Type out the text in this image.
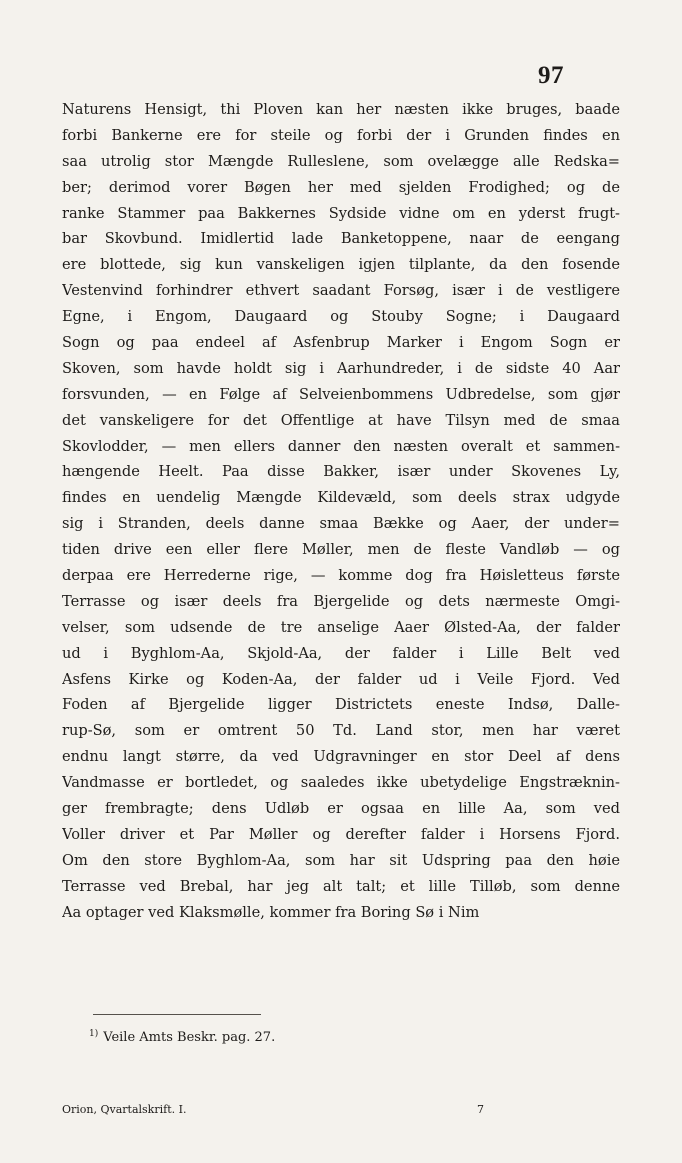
97
Naturens Hensigt, thi Ploven kan her næsten ikke bruges, baade
forbi Bankerne ere for steile og forbi der i Grunden findes en
saa utrolig stor Mængde Rulleslene, som ovelægge alle Redska=
ber; derimod vorer Bøgen her med sjelden Frodighed; og de
ranke Stammer paa Bakkernes Sydside vidne om en yderst frugt-
bar Skovbund. Imidlertid lade Banketoppene, naar de eengang
ere blottede, sig kun vanskeligen igjen tilplante, da den fosende
Vestenvind forhindrer ethvert saadant Forsøg, især i de vestligere
Egne, i Engom, Daugaard og Stouby Sogne; i Daugaard
Sogn og paa endeel af Asfenbrup Marker i Engom Sogn er
Skoven, som havde holdt sig i Aarhundreder, i de sidste 40 Aar
forsvunden, — en Følge af Selveienbommens Udbredelse, som gjør
det vanskeligere for det Offentlige at have Tilsyn med de smaa
Skovlodder, — men ellers danner den næsten overalt et sammen-
hængende Heelt. Paa disse Bakker, især under Skovenes Ly,
findes en uendelig Mængde Kildevæld, som deels strax udgyde
sig i Stranden, deels danne smaa Bække og Aaer, der under=
tiden drive een eller flere Møller, men de fleste Vandløb — og
derpaa ere Herrederne rige, — komme dog fra Høisletteus første
Terrasse og især deels fra Bjergelide og dets nærmeste Omgi-
velser, som udsende de tre anselige Aaer Ølsted-Aa, der falder
ud i Byghlom-Aa, Skjold-Aa, der falder i Lille Belt ved
Asfens Kirke og Koden-Aa, der falder ud i Veile Fjord. Ved
Foden af Bjergelide ligger Districtets eneste Indsø, Dalle-
rup-Sø, som er omtrent 50 Td. Land stor, men har været
endnu langt større, da ved Udgravninger en stor Deel af dens
Vandmasse er bortledet, og saaledes ikke ubetydelige Engstræknin-
ger frembragte; dens Udløb er ogsaa en lille Aa, som ved
Voller driver et Par Møller og derefter falder i Horsens Fjord.
Om den store Byghlom-Aa, som har sit Udspring paa den høie
Terrasse ved Brebal, har jeg alt talt; et lille Tilløb, som denne
Aa optager ved Klaksmølle, kommer fra Boring Sø i Nim
$^{1)}$ Veile Amts Beskr. pag. 27.
Orion, Qvartalskrift. I.	7
